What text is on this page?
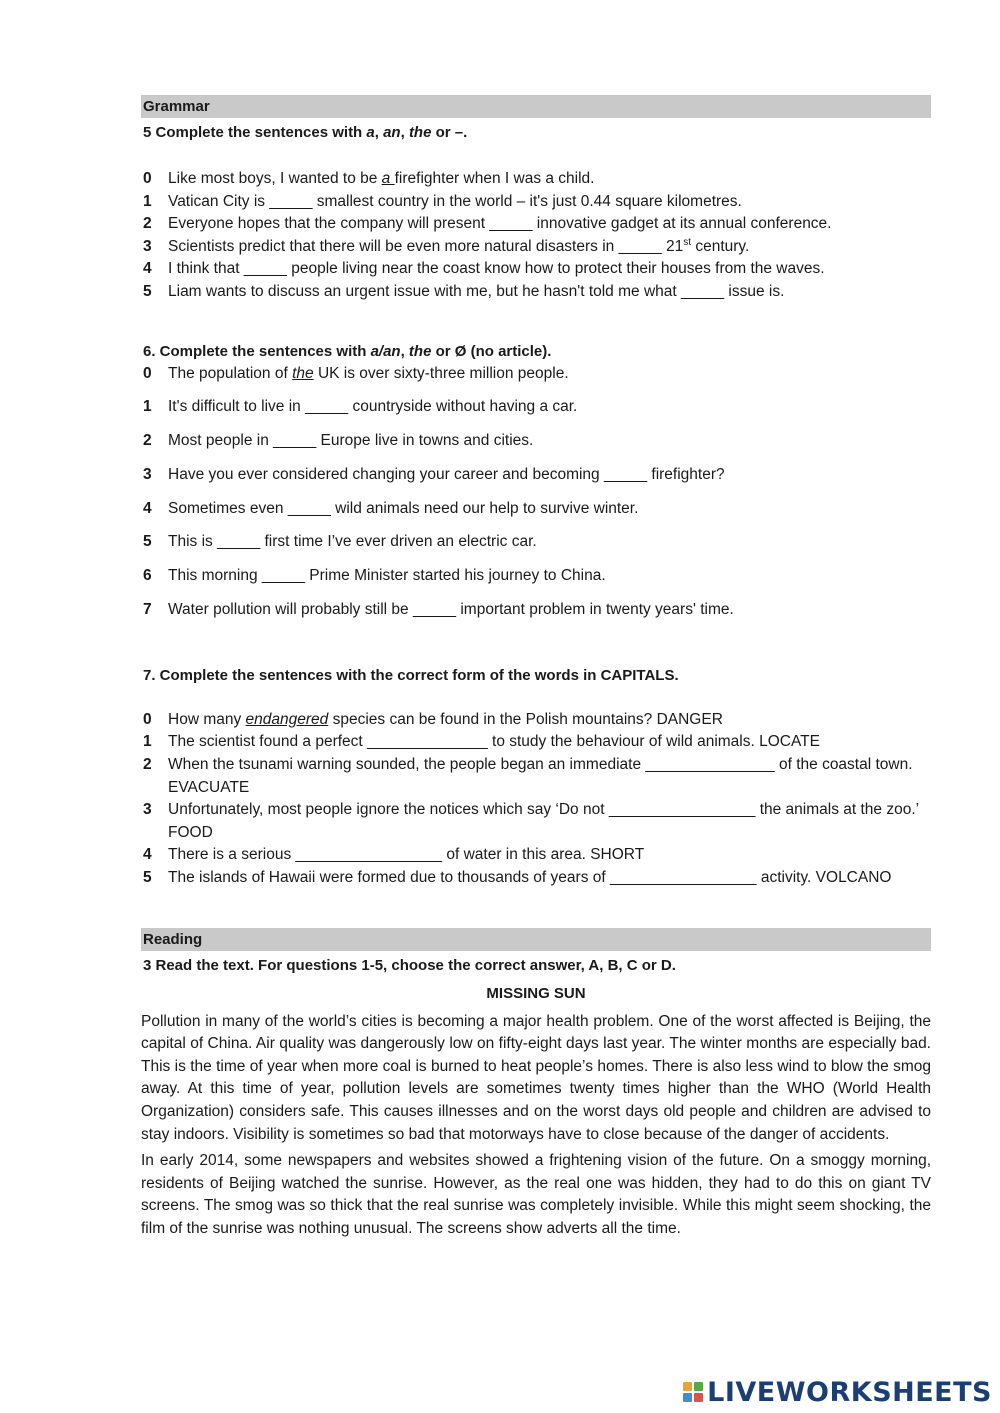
Grammar
5 Complete the sentences with a, an, the or –.
0	Like most boys, I wanted to be a firefighter when I was a child.
1	Vatican City is _____ smallest country in the world – it's just 0.44 square kilometres.
2	Everyone hopes that the company will present _____ innovative gadget at its annual conference.
3	Scientists predict that there will be even more natural disasters in _____ 21st century.
4	I think that _____ people living near the coast know how to protect their houses from the waves.
5	Liam wants to discuss an urgent issue with me, but he hasn't told me what _____ issue is.
6. Complete the sentences with a/an, the or Ø (no article).
0	The population of the UK is over sixty-three million people.
1	It's difficult to live in _____ countryside without having a car.
2	Most people in _____ Europe live in towns and cities.
3	Have you ever considered changing your career and becoming _____ firefighter?
4	Sometimes even _____ wild animals need our help to survive winter.
5	This is _____ first time I’ve ever driven an electric car.
6	This morning _____ Prime Minister started his journey to China.
7	Water pollution will probably still be _____ important problem in twenty years' time.
7. Complete the sentences with the correct form of the words in CAPITALS.
0	How many endangered species can be found in the Polish mountains? DANGER
1	The scientist found a perfect ______________ to study the behaviour of wild animals. LOCATE
2	When the tsunami warning sounded, the people began an immediate _______________ of the coastal town. EVACUATE
3	Unfortunately, most people ignore the notices which say ‘Do not _________________ the animals at the zoo.’ FOOD
4	There is a serious _________________ of water in this area. SHORT
5	The islands of Hawaii were formed due to thousands of years of _________________ activity. VOLCANO
Reading
3 Read the text. For questions 1-5, choose the correct answer, A, B, C or D.
MISSING SUN

Pollution in many of the world’s cities is becoming a major health problem. One of the worst affected is Beijing, the capital of China. Air quality was dangerously low on fifty-eight days last year. The winter months are especially bad. This is the time of year when more coal is burned to heat people’s homes. There is also less wind to blow the smog away. At this time of year, pollution levels are sometimes twenty times higher than the WHO (World Health Organization) considers safe. This causes illnesses and on the worst days old people and children are advised to stay indoors. Visibility is sometimes so bad that motorways have to close because of the danger of accidents.

In early 2014, some newspapers and websites showed a frightening vision of the future. On a smoggy morning, residents of Beijing watched the sunrise. However, as the real one was hidden, they had to do this on giant TV screens. The smog was so thick that the real sunrise was completely invisible. While this might seem shocking, the film of the sunrise was nothing unusual. The screens show adverts all the time.

LIVEWORKSHEETS
